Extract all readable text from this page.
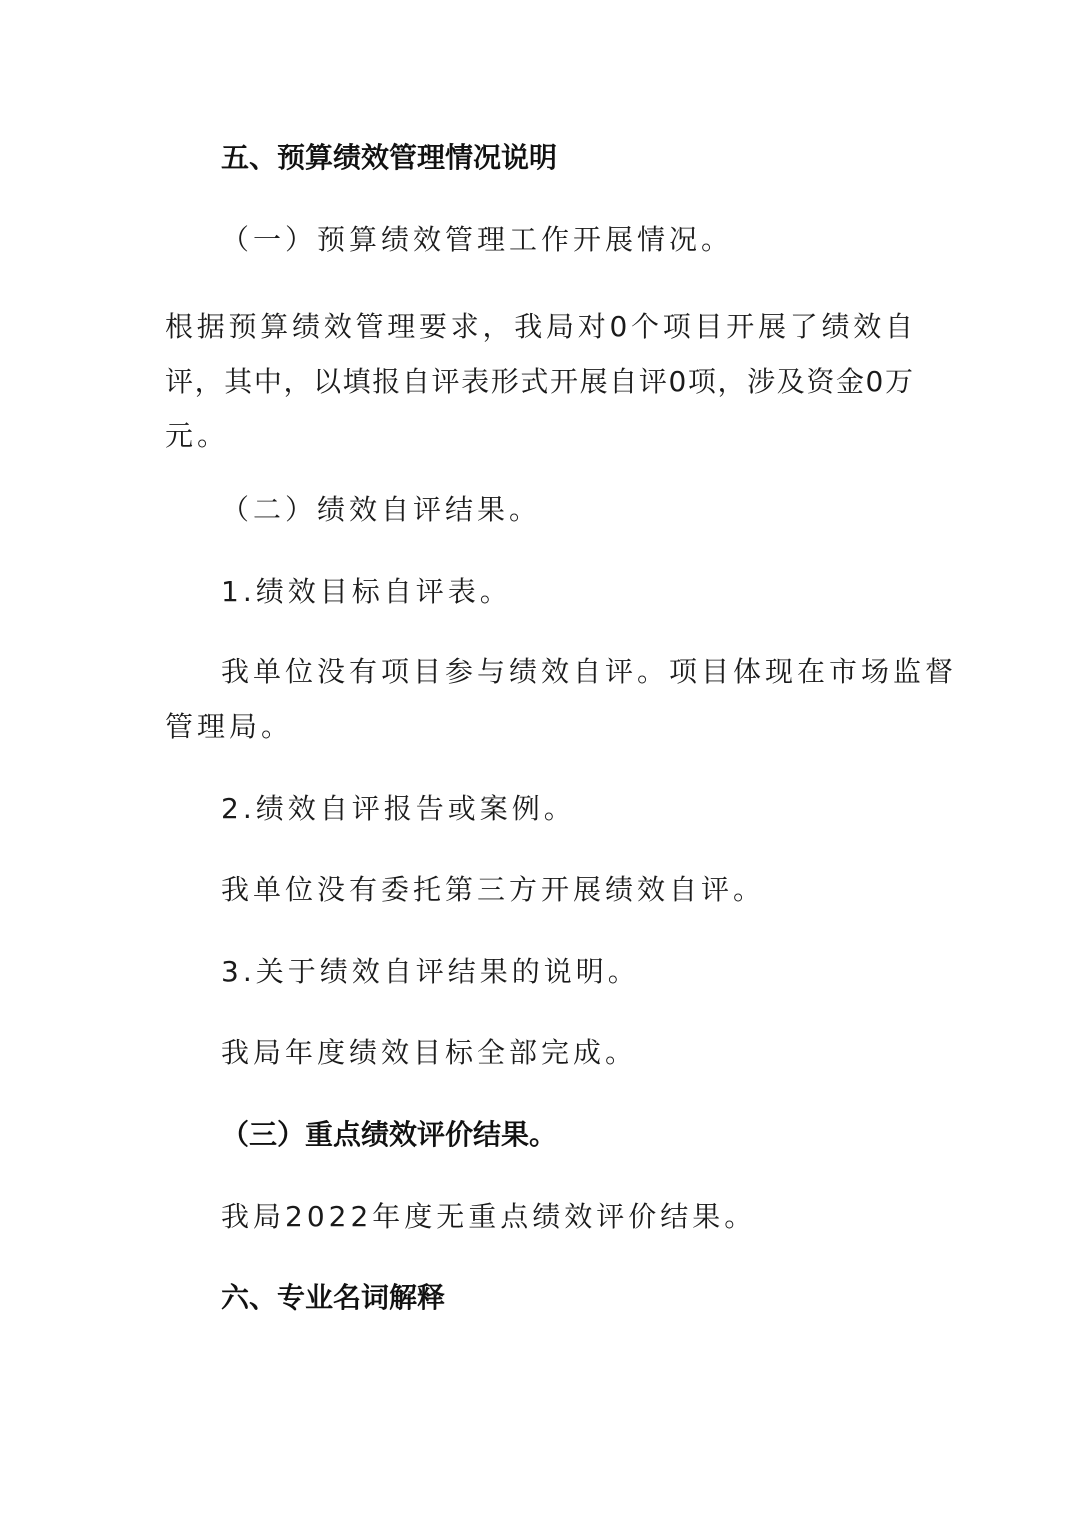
五、预算绩效管理情况说明

（一）预算绩效管理工作开展情况。

根据预算绩效管理要求，我局对0个项目开展了绩效自

评，其中，以填报自评表形式开展自评0项，涉及资金0万

元。

（二）绩效自评结果。

1.绩效目标自评表。

我单位没有项目参与绩效自评。项目体现在市场监督

管理局。

2.绩效自评报告或案例。

我单位没有委托第三方开展绩效自评。

3.关于绩效自评结果的说明。

我局年度绩效目标全部完成。

（三）重点绩效评价结果。

我局2022年度无重点绩效评价结果。

六、专业名词解释
